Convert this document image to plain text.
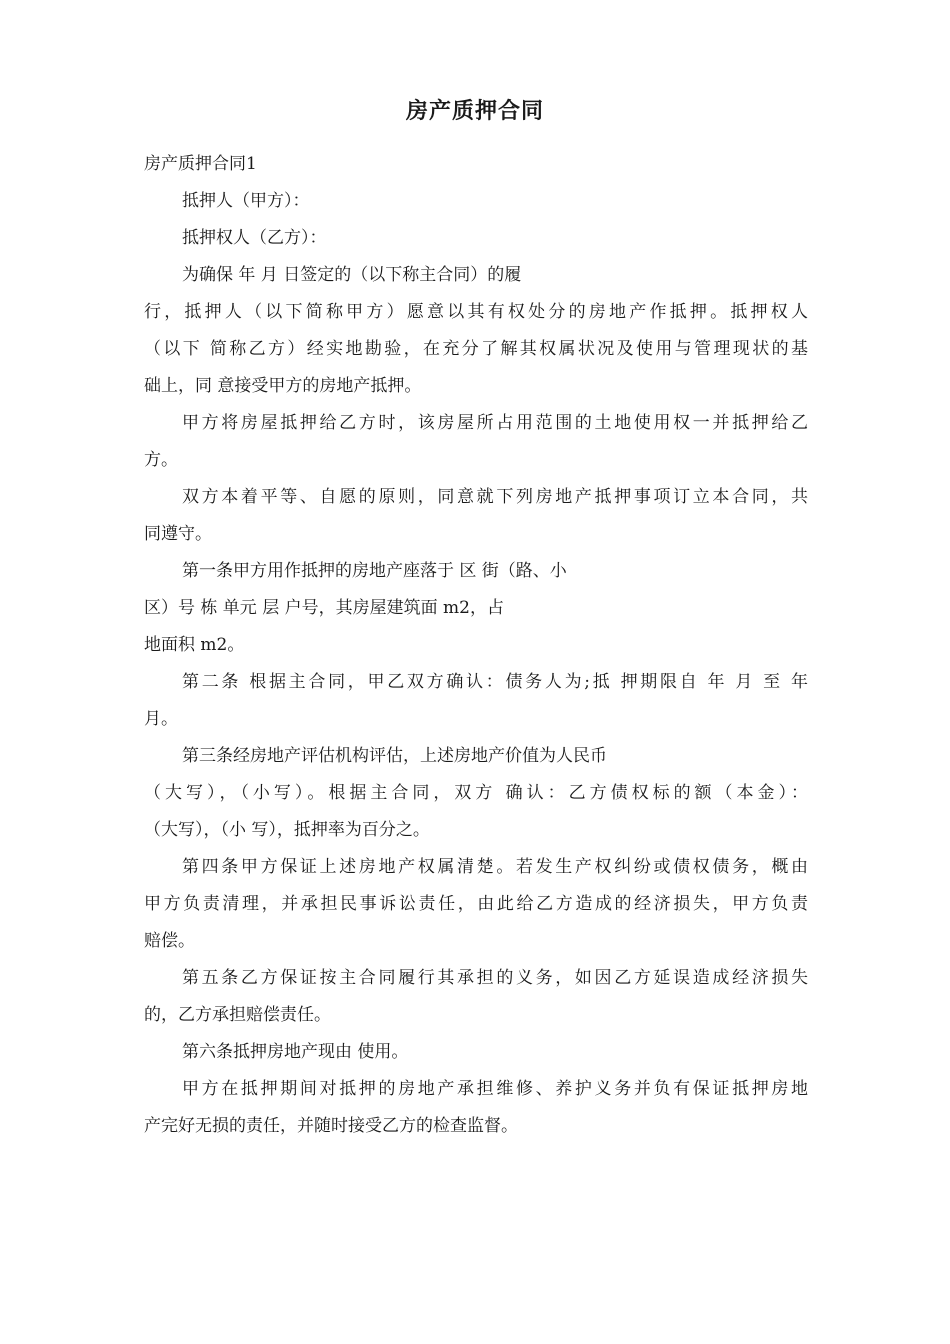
房产质押合同
房产质押合同1
抵押人（甲方）：
抵押权人（乙方）：
为确保 年 月 日签定的（以下称主合同）的履
行，抵押人（以下简称甲方）愿意以其有权处分的房地产作抵押。抵押权人
（以下 简称乙方）经实地勘验，在充分了解其权属状况及使用与管理现状的基
础上，同 意接受甲方的房地产抵押。
甲方将房屋抵押给乙方时，该房屋所占用范围的土地使用权一并抵押给乙
方。
双方本着平等、自愿的原则，同意就下列房地产抵押事项订立本合同，共
同遵守。
第一条甲方用作抵押的房地产座落于 区 街（路、小
区）号 栋 单元 层 户号，其房屋建筑面 m2，占
地面积 m2。
第二条 根据主合同，甲乙双方确认：债务人为;抵 押期限自 年 月 至 年
月。
第三条经房地产评估机构评估，上述房地产价值为人民币
（大写），（小写）。根据主合同，双方 确认：乙方债权标的额（本金）：
（大写），（小 写），抵押率为百分之。
第四条甲方保证上述房地产权属清楚。若发生产权纠纷或债权债务，概由
甲方负责清理，并承担民事诉讼责任，由此给乙方造成的经济损失，甲方负责
赔偿。
第五条乙方保证按主合同履行其承担的义务，如因乙方延误造成经济损失
的，乙方承担赔偿责任。
第六条抵押房地产现由 使用。
甲方在抵押期间对抵押的房地产承担维修、养护义务并负有保证抵押房地
产完好无损的责任，并随时接受乙方的检查监督。
